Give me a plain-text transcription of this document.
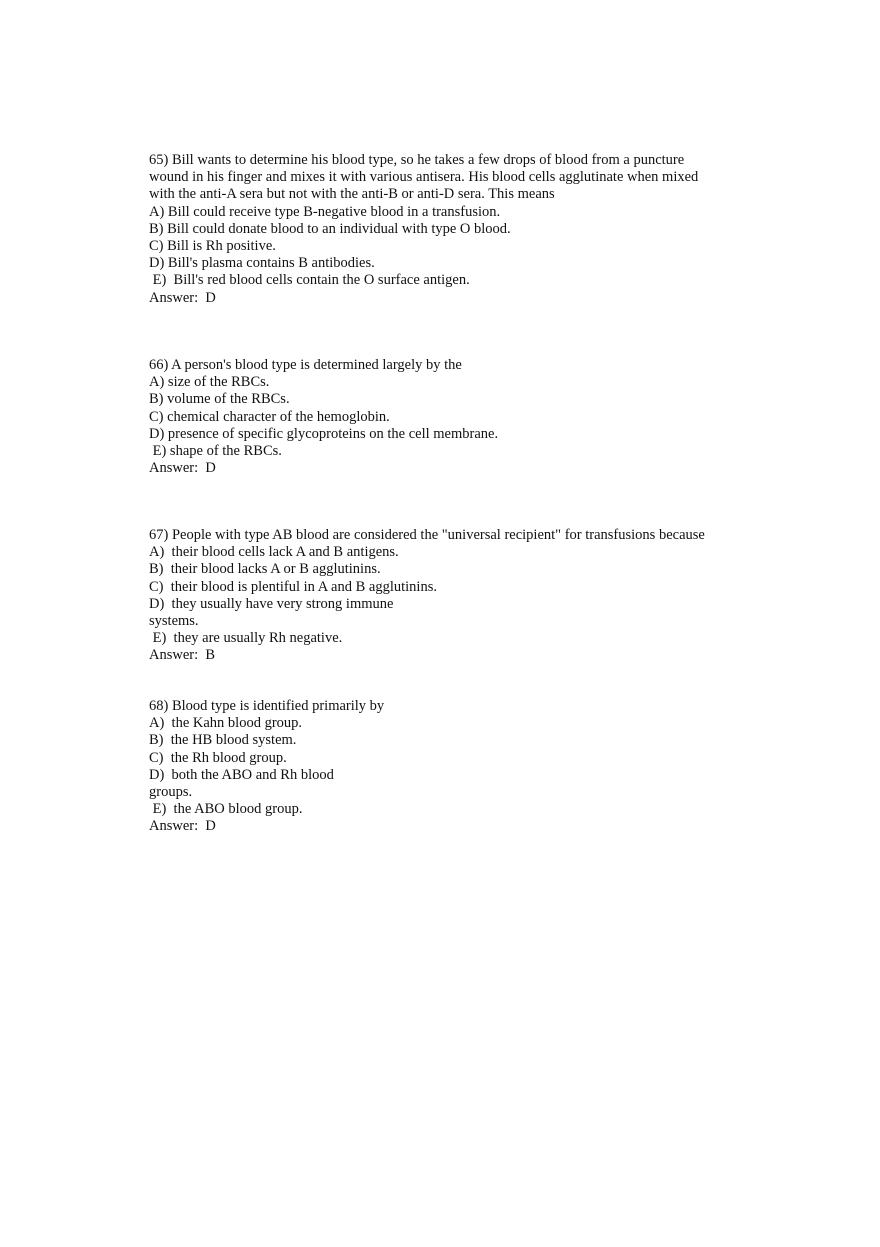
65) Bill wants to determine his blood type, so he takes a few drops of blood from a puncture
wound in his finger and mixes it with various antisera. His blood cells agglutinate when mixed
with the anti-A sera but not with the anti-B or anti-D sera. This means
A) Bill could receive type B-negative blood in a transfusion.
B) Bill could donate blood to an individual with type O blood.
C) Bill is Rh positive.
D) Bill's plasma contains B antibodies.
E)  Bill's red blood cells contain the O surface antigen.
Answer:  D
66) A person's blood type is determined largely by the
A) size of the RBCs.
B) volume of the RBCs.
C) chemical character of the hemoglobin.
D) presence of specific glycoproteins on the cell membrane.
E) shape of the RBCs.
Answer:  D
67) People with type AB blood are considered the "universal recipient" for transfusions because
A)  their blood cells lack A and B antigens.
B)  their blood lacks A or B agglutinins.
C)  their blood is plentiful in A and B agglutinins.
D)  they usually have very strong immune
systems.
E)  they are usually Rh negative.
Answer:  B
68) Blood type is identified primarily by
A)  the Kahn blood group.
B)  the HB blood system.
C)  the Rh blood group.
D)  both the ABO and Rh blood
groups.
E)  the ABO blood group.
Answer:  D
